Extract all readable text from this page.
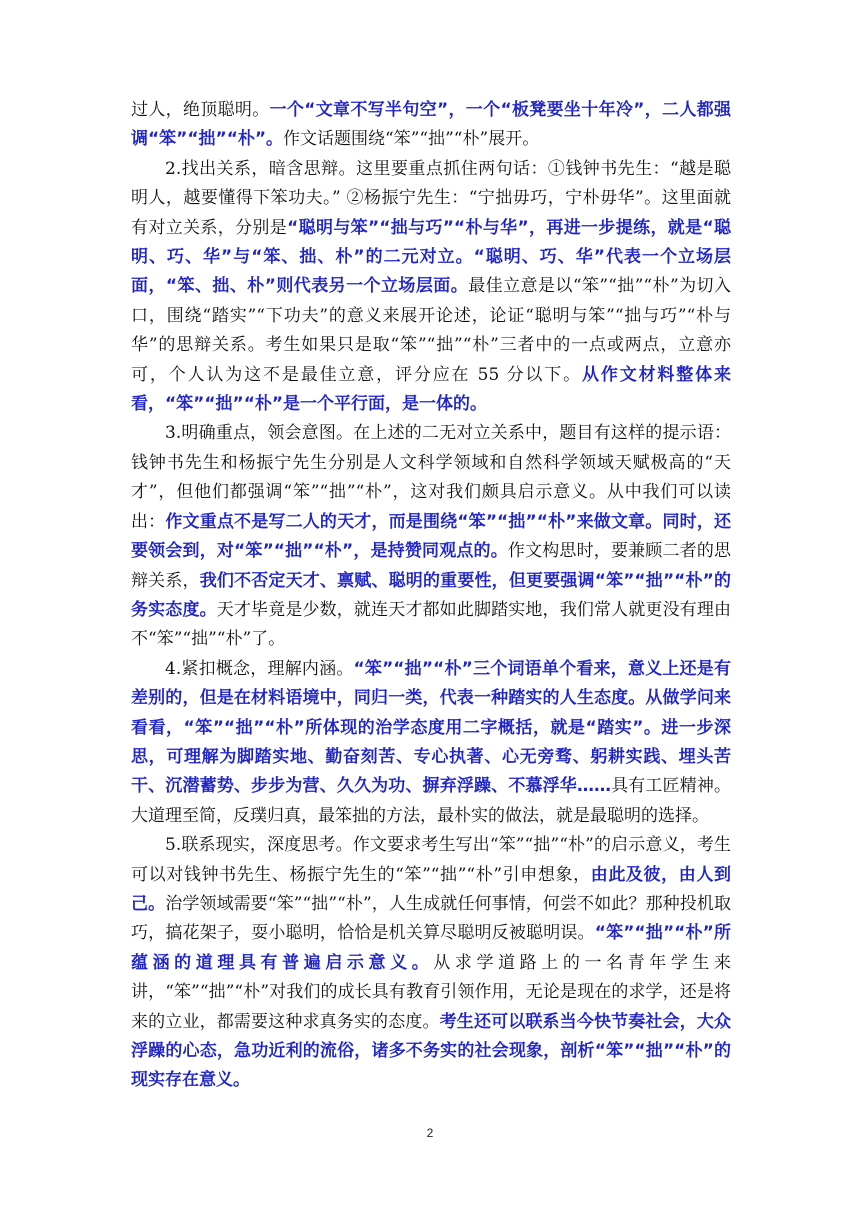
过人，绝顶聪明。一个“文章不写半句空”，一个“板凳要坐十年冷”，二人都强调“笨”“拙”“朴”。作文话题围绕“笨”“拙”“朴”展开。

2.找出关系，暗含思辩。这里要重点抓住两句话：①钱钟书先生：“越是聪明人，越要懂得下笨功夫。” ②杨振宁先生：“宁拙毋巧，宁朴毋华”。这里面就有对立关系，分别是“聪明与笨”“拙与巧”“朴与华”，再进一步提练，就是“聪明、巧、华”与“笨、拙、朴”的二元对立。“聪明、巧、华”代表一个立场层面，“笨、拙、朴”则代表另一个立场层面。最佳立意是以“笨”“拙”“朴”为切入口，围绕“踏实”“下功夫”的意义来展开论述，论证“聪明与笨”“拙与巧”“朴与华”的思辩关系。考生如果只是取“笨”“拙”“朴”三者中的一点或两点，立意亦可，个人认为这不是最佳立意，评分应在 55 分以下。从作文材料整体来看，“笨”“拙”“朴”是一个平行面，是一体的。

3.明确重点，领会意图。在上述的二无对立关系中，题目有这样的提示语：钱钟书先生和杨振宁先生分别是人文科学领域和自然科学领域天赋极高的“天才”，但他们都强调“笨”“拙”“朴”，这对我们颇具启示意义。从中我们可以读出：作文重点不是写二人的天才，而是围绕“笨”“拙”“朴”来做文章。同时，还要领会到，对“笨”“拙”“朴”，是持赞同观点的。作文构思时，要兼顾二者的思辩关系，我们不否定天才、禀赋、聪明的重要性，但更要强调“笨”“拙”“朴”的务实态度。天才毕竟是少数，就连天才都如此脚踏实地，我们常人就更没有理由不“笨”“拙”“朴”了。

4.紧扣概念，理解内涵。“笨”“拙”“朴”三个词语单个看来，意义上还是有差别的，但是在材料语境中，同归一类，代表一种踏实的人生态度。从做学问来看看，“笨”“拙”“朴”所体现的治学态度用二字概括，就是“踏实”。进一步深思，可理解为脚踏实地、勤奋刻苦、专心执著、心无旁骛、躬耕实践、埋头苦干、沉潜蓄势、步步为营、久久为功、摒弃浮躁、不慕浮华……具有工匠精神。大道理至简，反璞归真，最笨拙的方法，最朴实的做法，就是最聪明的选择。

5.联系现实，深度思考。作文要求考生写出“笨”“拙”“朴”的启示意义，考生可以对钱钟书先生、杨振宁先生的“笨”“拙”“朴”引申想象，由此及彼，由人到己。治学领域需要“笨”“拙”“朴”，人生成就任何事情，何尝不如此？那种投机取巧，搞花架子，耍小聪明，恰恰是机关算尽聪明反被聪明误。“笨”“拙”“朴”所蕴涵的道理具有普遍启示意义。从求学道路上的一名青年学生来讲，“笨”“拙”“朴”对我们的成长具有教育引领作用，无论是现在的求学，还是将来的立业，都需要这种求真务实的态度。考生还可以联系当今快节奏社会，大众浮躁的心态，急功近利的流俗，诸多不务实的社会现象，剖析“笨”“拙”“朴”的现实存在意义。

2
